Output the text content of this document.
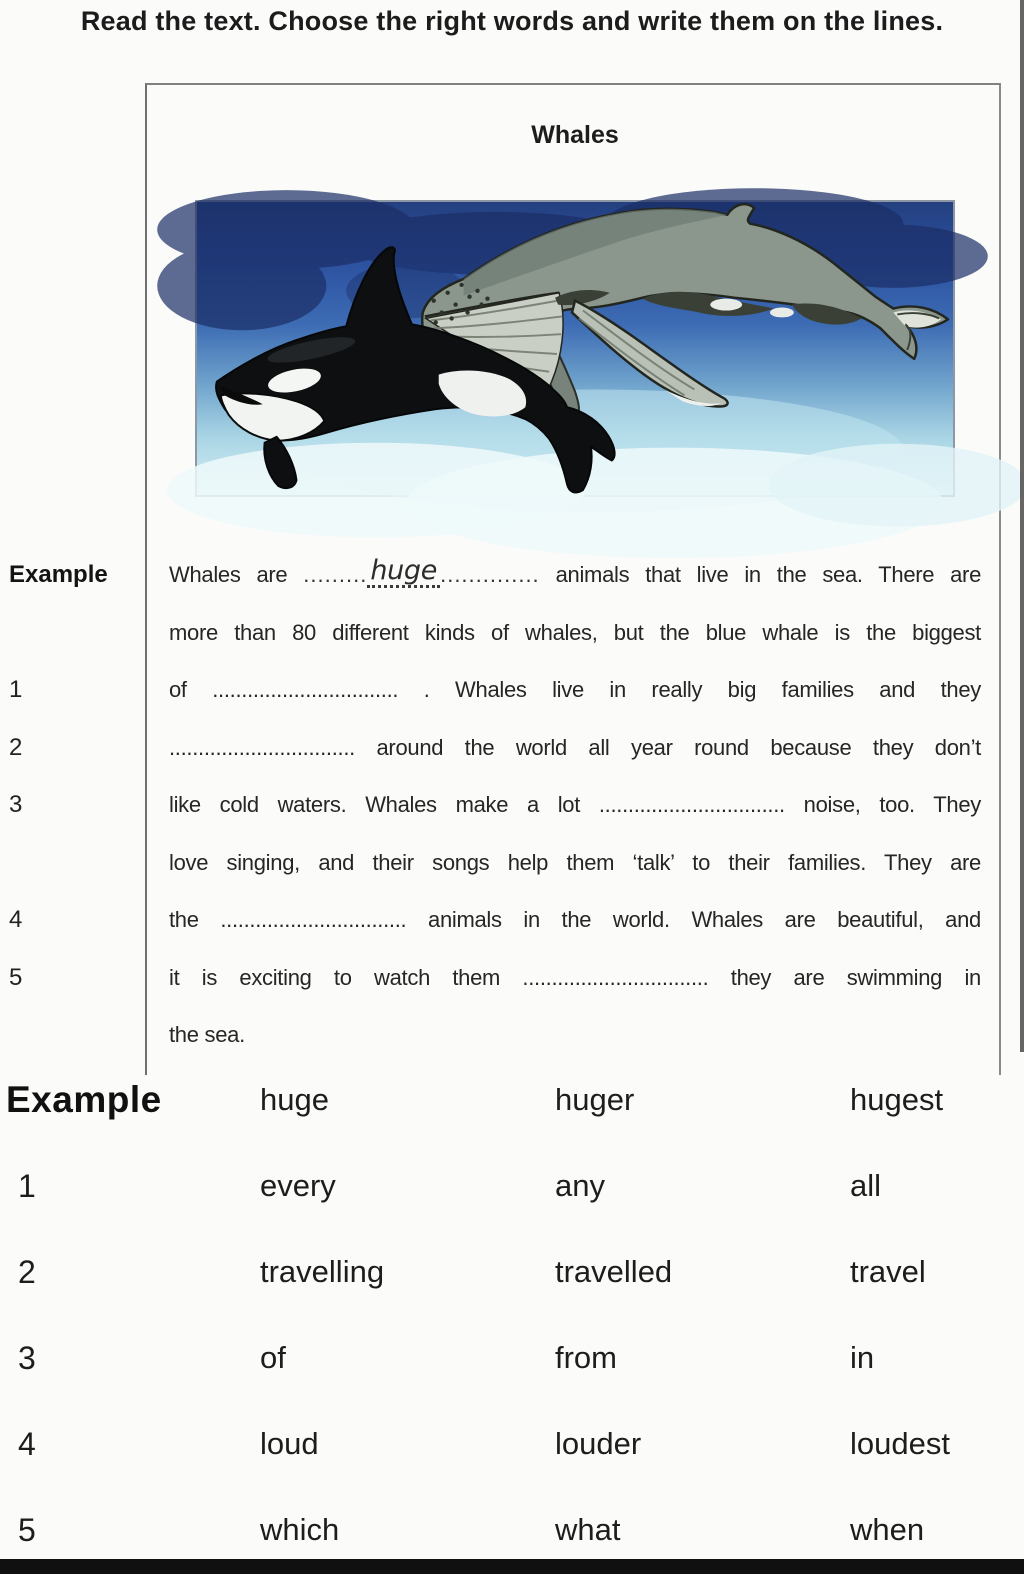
Read the text. Choose the right words and write them on the lines.
Whales
Example	Whales are ......... huge .............. animals that live in the sea. There are
more than 80 different kinds of whales, but the blue whale is the biggest
1	of ................................ . Whales live in really big families and they
2	................................ around the world all year round because they don’t
3	like cold waters. Whales make a lot ................................ noise, too. They
love singing, and their songs help them ‘talk’ to their families. They are
4	the ................................ animals in the world. Whales are beautiful, and
5	it is exciting to watch them ................................ they are swimming in
the sea.
Example	huge	huger	hugest
1	every	any	all
2	travelling	travelled	travel
3	of	from	in
4	loud	louder	loudest
5	which	what	when
